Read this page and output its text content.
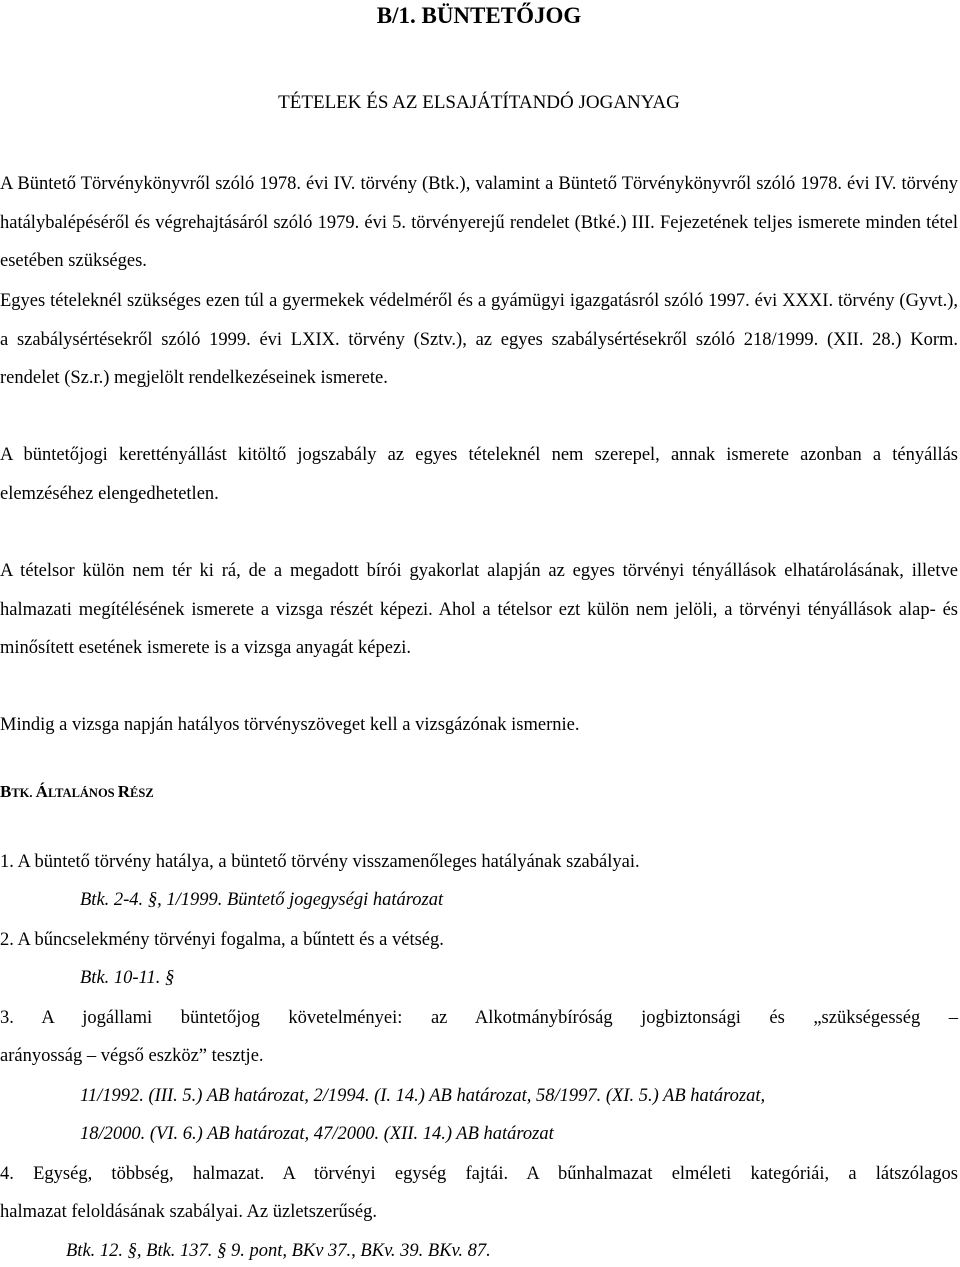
B/1. BÜNTETŐJOG
TÉTELEK ÉS AZ ELSAJÁTÍTANDÓ JOGANYAG

A Büntető Törvénykönyvről szóló 1978. évi IV. törvény (Btk.), valamint a Büntető Törvénykönyvről szóló 1978. évi IV. törvény hatálybalépéséről és végrehajtásáról szóló 1979. évi 5. törvényerejű rendelet (Btké.) III. Fejezetének teljes ismerete minden tétel esetében szükséges.

Egyes tételeknél szükséges ezen túl a gyermekek védelméről és a gyámügyi igazgatásról szóló 1997. évi XXXI. törvény (Gyvt.), a szabálysértésekről szóló 1999. évi LXIX. törvény (Sztv.), az egyes szabálysértésekről szóló 218/1999. (XII. 28.) Korm. rendelet (Sz.r.) megjelölt rendelkezéseinek ismerete.

A büntetőjogi kerettényállást kitöltő jogszabály az egyes tételeknél nem szerepel, annak ismerete azonban a tényállás elemzéséhez elengedhetetlen.

A tételsor külön nem tér ki rá, de a megadott bírói gyakorlat alapján az egyes törvényi tényállások elhatárolásának, illetve halmazati megítélésének ismerete a vizsga részét képezi. Ahol a tételsor ezt külön nem jelöli, a törvényi tényállások alap- és minősített esetének ismerete is a vizsga anyagát képezi.

Mindig a vizsga napján hatályos törvényszöveget kell a vizsgázónak ismernie.

BTK. ÁLTALÁNOS RÉSZ
1. A büntető törvény hatálya, a büntető törvény visszamenőleges hatályának szabályai.
Btk. 2-4. §, 1/1999. Büntető jogegységi határozat
2. A bűncselekmény törvényi fogalma, a bűntett és a vétség.
Btk. 10-11. §
3. A jogállami büntetőjog követelményei: az Alkotmánybíróság jogbiztonsági és „szükségesség –
arányosság – végső eszköz” tesztje.
11/1992. (III. 5.) AB határozat, 2/1994. (I. 14.) AB határozat, 58/1997. (XI. 5.) AB határozat,
18/2000. (VI. 6.) AB határozat, 47/2000. (XII. 14.) AB határozat
4. Egység, többség, halmazat. A törvényi egység fajtái. A bűnhalmazat elméleti kategóriái, a látszólagos
halmazat feloldásának szabályai. Az üzletszerűség.
Btk. 12. §, Btk. 137. § 9. pont, BKv 37., BKv. 39. BKv. 87.
